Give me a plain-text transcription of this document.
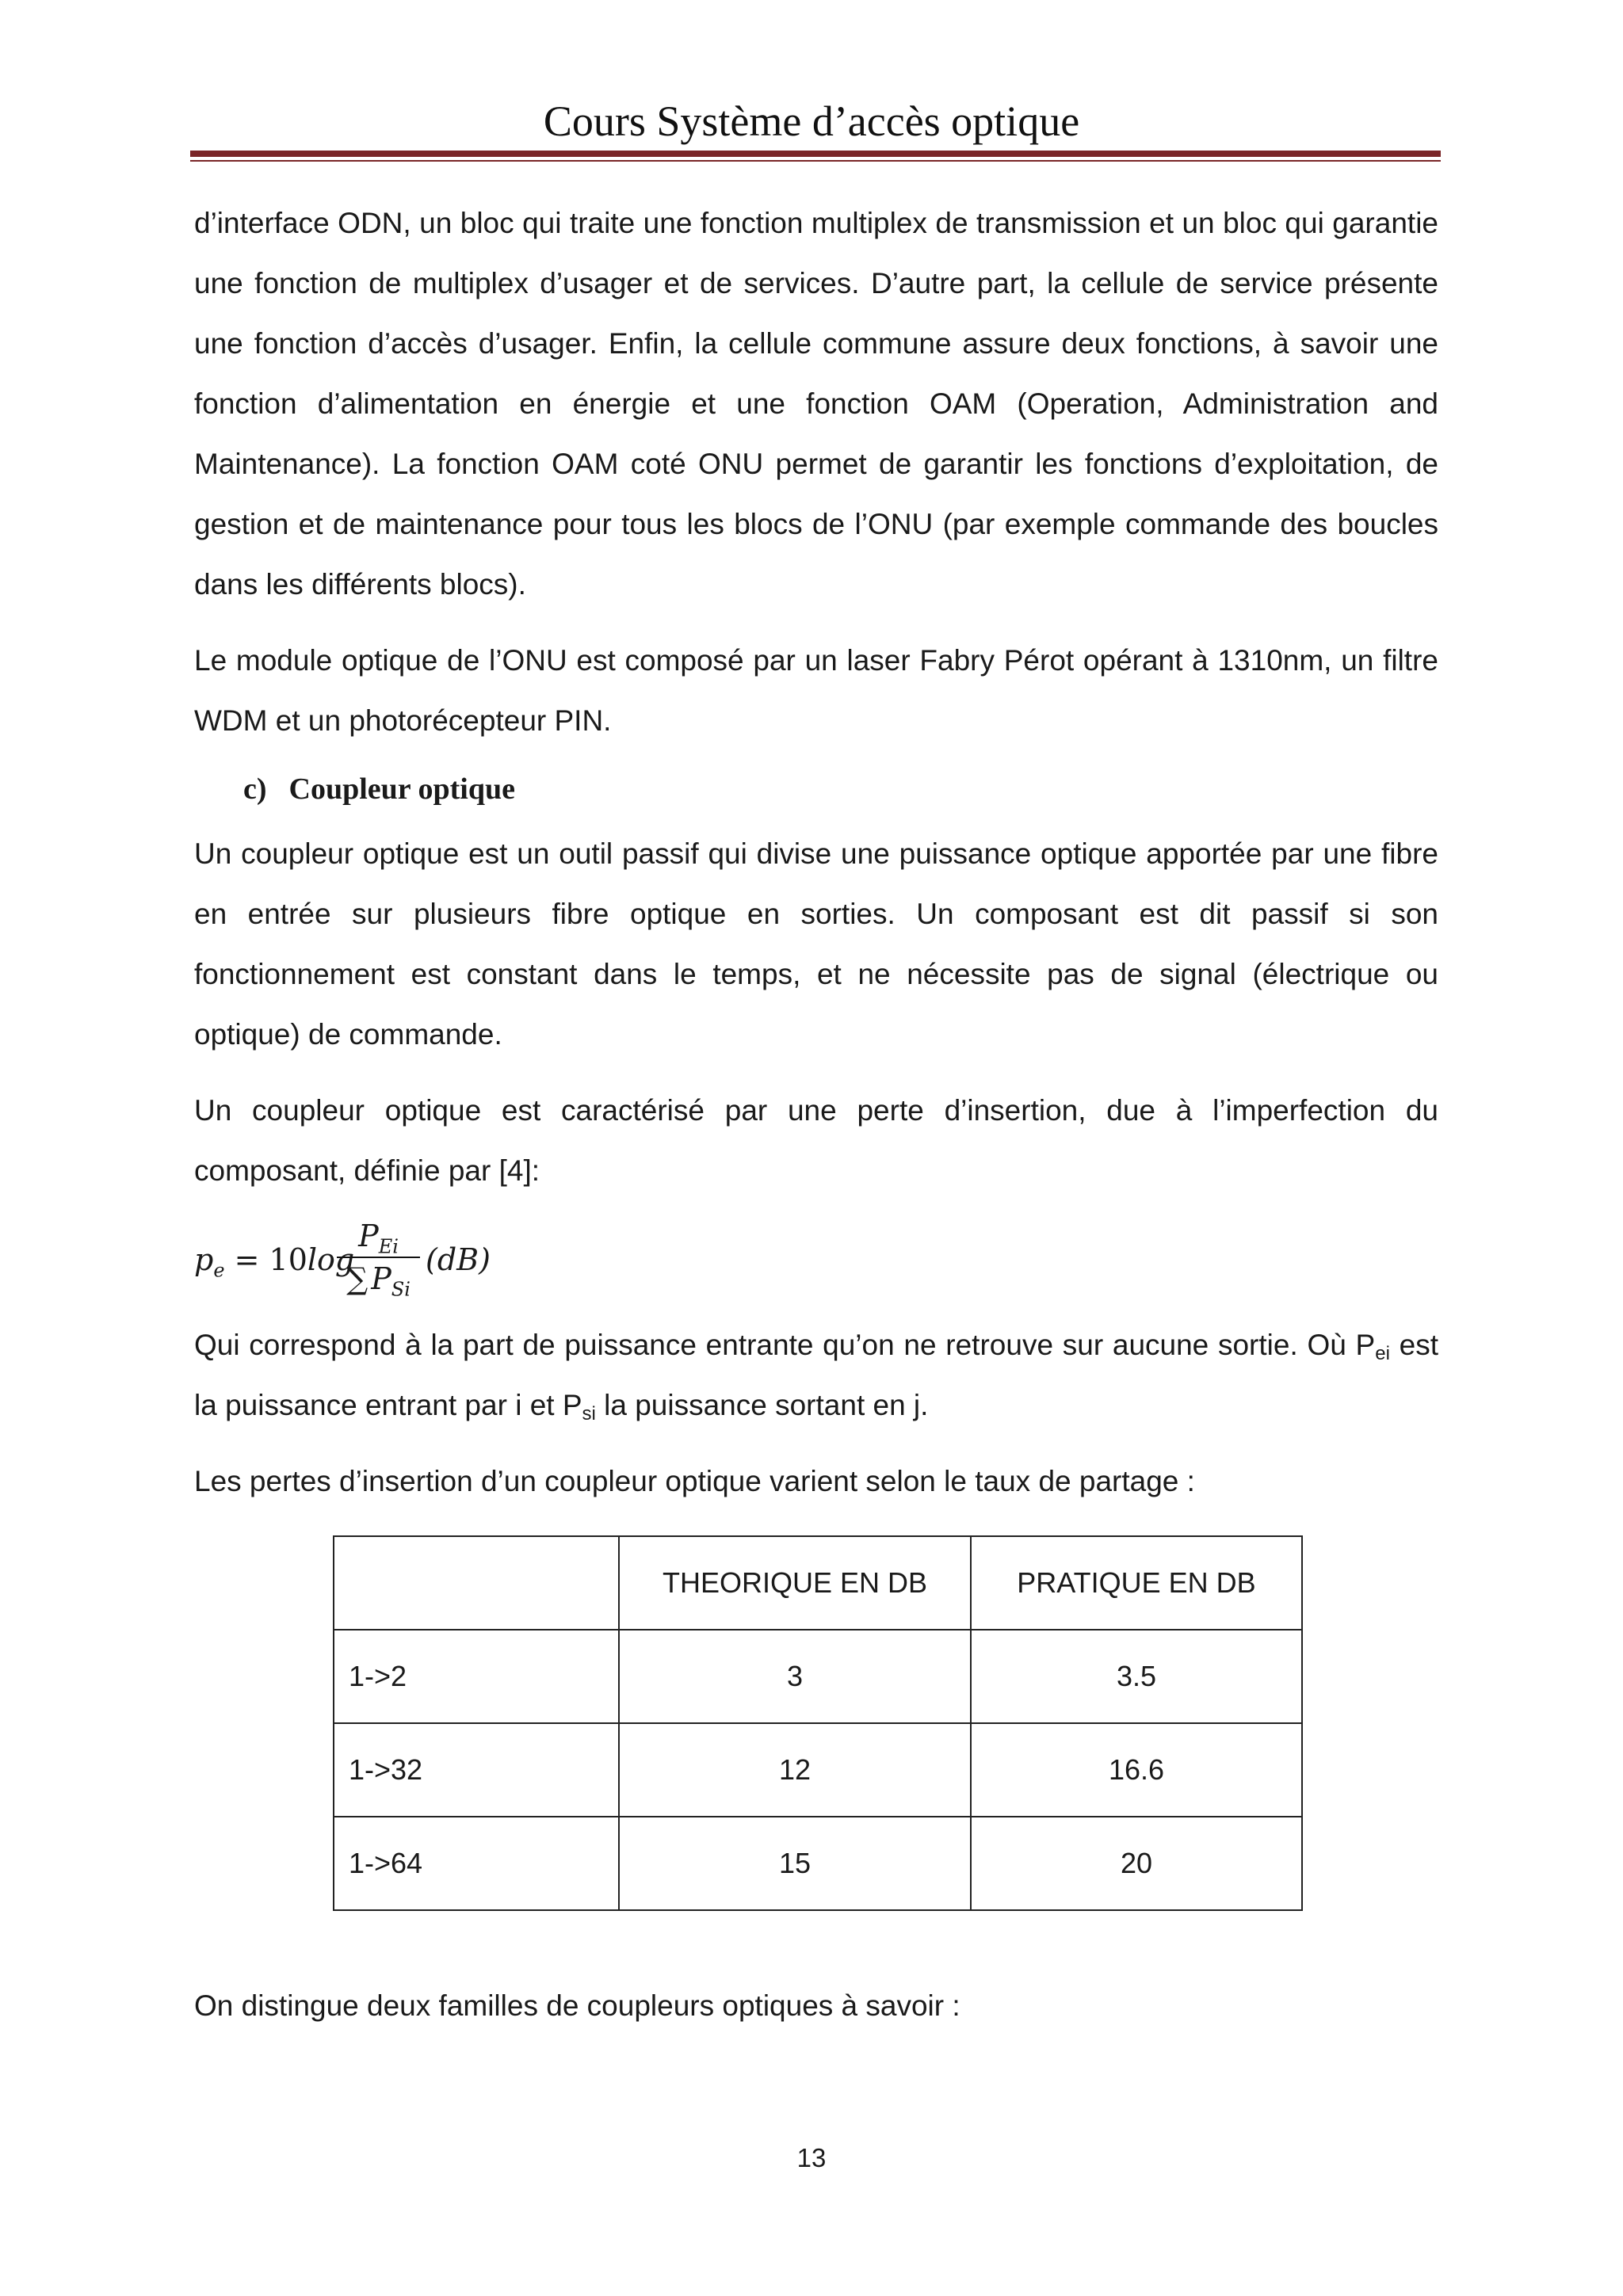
Cours Système d’accès optique

d’interface ODN, un bloc qui traite une fonction multiplex de transmission et un bloc qui garantie une fonction de multiplex d’usager et de services. D’autre part, la cellule de service présente une fonction d’accès d’usager. Enfin, la cellule commune assure deux fonctions, à savoir une fonction d’alimentation en énergie et une fonction OAM (Operation, Administration and Maintenance). La fonction OAM coté ONU permet de garantir les fonctions d’exploitation, de gestion et de maintenance pour tous les blocs de l’ONU (par exemple commande des boucles dans les différents blocs).

Le module optique de l’ONU est composé par un laser Fabry Pérot opérant à 1310nm, un filtre WDM et un photorécepteur PIN.

c) Coupleur optique

Un coupleur optique est un outil passif qui divise une puissance optique apportée par une fibre en entrée sur plusieurs fibre optique en sorties. Un composant est dit passif si son fonctionnement est constant dans le temps, et ne nécessite pas de signal (électrique ou optique) de commande.

Un coupleur optique est caractérisé par une perte d’insertion, due à l’imperfection du composant, définie par [4]:

$p_e = 10\log$
$P_{Ei}$
∑ $P_{Si}$
(dB)

Qui correspond à la part de puissance entrante qu’on ne retrouve sur aucune sortie. Où $P_{ei}$ est la puissance entrant par i et $P_{si}$ la puissance sortant en j.

Les pertes d’insertion d’un coupleur optique varient selon le taux de partage :

	THEORIQUE EN DB	PRATIQUE EN DB
1->2	3	3.5
1->32	12	16.6
1->64	15	20

On distingue deux familles de coupleurs optiques à savoir :

13
